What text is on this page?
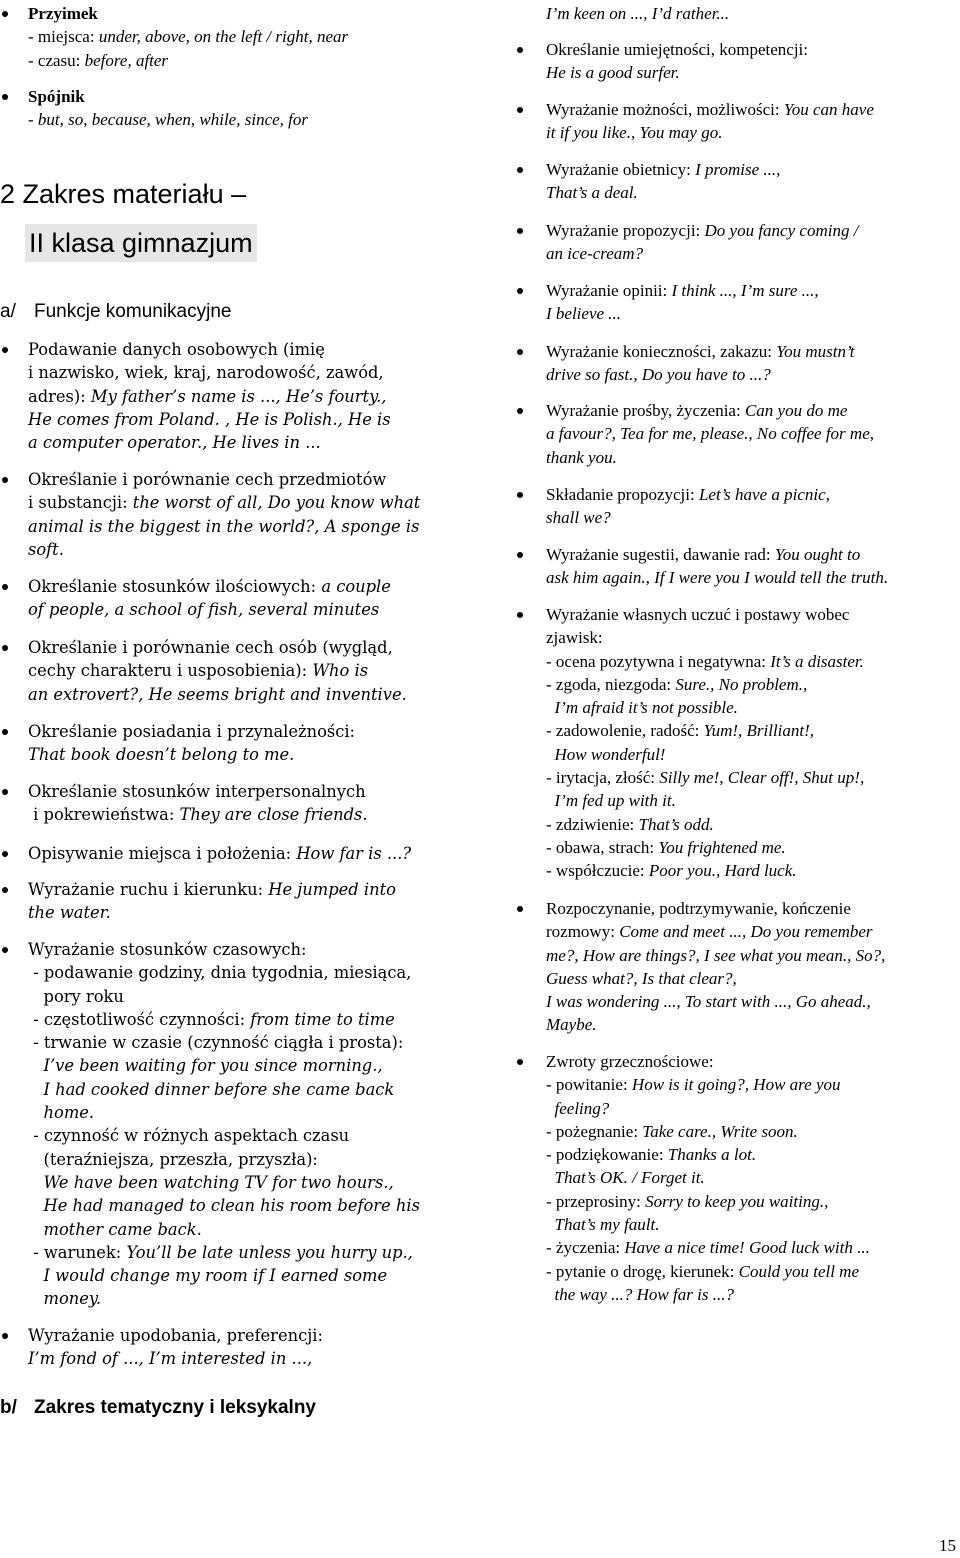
Przyimek
- miejsca: under, above, on the left / right, near
- czasu: before, after
Spójnik
- but, so, because, when, while, since, for
2 Zakres materiału –
II klasa gimnazjum
a/ Funkcje komunikacyjne
Podawanie danych osobowych (imię
i nazwisko, wiek, kraj, narodowość, zawód,
adres): My father’s name is ..., He’s fourty.,
He comes from Poland. , He is Polish., He is
a computer operator., He lives in ...
Określanie i porównanie cech przedmiotów
i substancji: the worst of all, Do you know what
animal is the biggest in the world?, A sponge is
soft.
Określanie stosunków ilościowych: a couple
of people, a school of fish, several minutes
Określanie i porównanie cech osób (wygląd,
cechy charakteru i usposobienia): Who is
an extrovert?, He seems bright and inventive.
Określanie posiadania i przynależności:
That book doesn’t belong to me.
Określanie stosunków interpersonalnych
i pokrewieństwa: They are close friends.
Opisywanie miejsca i położenia: How far is ...?
Wyrażanie ruchu i kierunku: He jumped into
the water.
Wyrażanie stosunków czasowych:
- podawanie godziny, dnia tygodnia, miesiąca,
pory roku
- częstotliwość czynności: from time to time
- trwanie w czasie (czynność ciągła i prosta):
I’ve been waiting for you since morning.,
I had cooked dinner before she came back
home.
- czynność w różnych aspektach czasu
(teraźniejsza, przeszła, przyszła):
We have been watching TV for two hours.,
He had managed to clean his room before his
mother came back.
- warunek: You’ll be late unless you hurry up.,
I would change my room if I earned some
money.
Wyrażanie upodobania, preferencji:
I’m fond of ..., I’m interested in ...,
b/ Zakres tematyczny i leksykalny
I’m keen on ..., I’d rather...
Określanie umiejętności, kompetencji:
He is a good surfer.
Wyrażanie możności, możliwości: You can have
it if you like., You may go.
Wyrażanie obietnicy: I promise ...,
That’s a deal.
Wyrażanie propozycji: Do you fancy coming /
an ice-cream?
Wyrażanie opinii: I think ..., I’m sure ...,
I believe ...
Wyrażanie konieczności, zakazu: You mustn’t
drive so fast., Do you have to ...?
Wyrażanie prośby, życzenia: Can you do me
a favour?, Tea for me, please., No coffee for me,
thank you.
Składanie propozycji: Let’s have a picnic,
shall we?
Wyrażanie sugestii, dawanie rad: You ought to
ask him again., If I were you I would tell the truth.
Wyrażanie własnych uczuć i postawy wobec
zjawisk:
- ocena pozytywna i negatywna: It’s a disaster.
- zgoda, niezgoda: Sure., No problem.,
I’m afraid it’s not possible.
- zadowolenie, radość: Yum!, Brilliant!,
How wonderful!
- irytacja, złość: Silly me!, Clear off!, Shut up!,
I’m fed up with it.
- zdziwienie: That’s odd.
- obawa, strach: You frightened me.
- współczucie: Poor you., Hard luck.
Rozpoczynanie, podtrzymywanie, kończenie
rozmowy: Come and meet ..., Do you remember
me?, How are things?, I see what you mean., So?,
Guess what?, Is that clear?,
I was wondering ..., To start with ..., Go ahead.,
Maybe.
Zwroty grzecznościowe:
- powitanie: How is it going?, How are you
feeling?
- pożegnanie: Take care., Write soon.
- podziękowanie: Thanks a lot.
That’s OK. / Forget it.
- przeprosiny: Sorry to keep you waiting.,
That’s my fault.
- życzenia: Have a nice time! Good luck with ...
- pytanie o drogę, kierunek: Could you tell me
the way ...? How far is ...?
15
